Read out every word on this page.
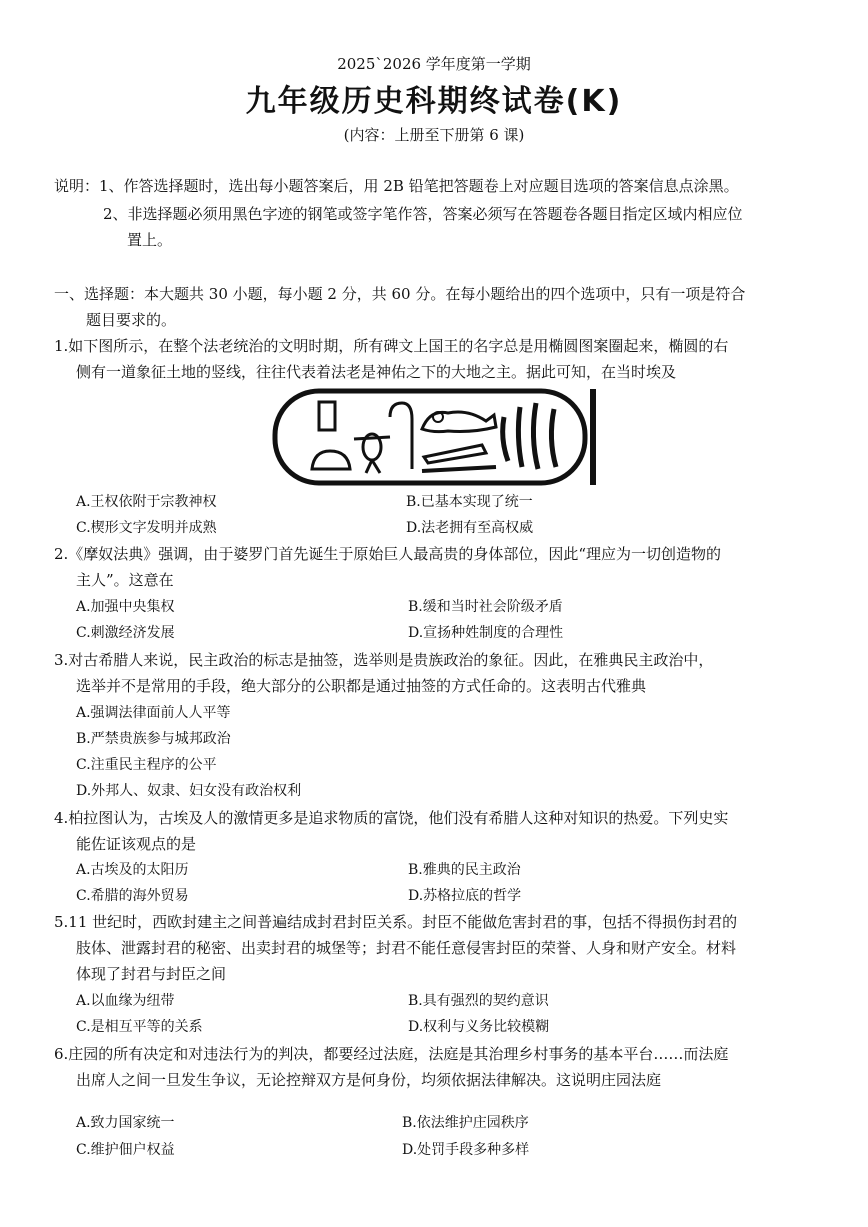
2025`2026 学年度第一学期
九年级历史科期终试卷(K)
(内容：上册至下册第 6 课)
说明：1、作答选择题时，选出每小题答案后，用 2B 铅笔把答题卷上对应题目选项的答案信息点涂黑。
2、非选择题必须用黑色字迹的钢笔或签字笔作答，答案必须写在答题卷各题目指定区域内相应位
置上。
一、选择题：本大题共 30 小题，每小题 2 分，共 60 分。在每小题给出的四个选项中，只有一项是符合
题目要求的。
1.如下图所示，在整个法老统治的文明时期，所有碑文上国王的名字总是用椭圆图案圈起来，椭圆的右
侧有一道象征土地的竖线，往往代表着法老是神佑之下的大地之主。据此可知，在当时埃及
A.王权依附于宗教神权	B.已基本实现了统一
C.楔形文字发明并成熟	D.法老拥有至高权威
2.《摩奴法典》强调，由于婆罗门首先诞生于原始巨人最高贵的身体部位，因此“理应为一切创造物的
主人”。这意在
A.加强中央集权	B.缓和当时社会阶级矛盾
C.刺激经济发展	D.宣扬种姓制度的合理性
3.对古希腊人来说，民主政治的标志是抽签，选举则是贵族政治的象征。因此，在雅典民主政治中，
选举并不是常用的手段，绝大部分的公职都是通过抽签的方式任命的。这表明古代雅典
A.强调法律面前人人平等
B.严禁贵族参与城邦政治
C.注重民主程序的公平
D.外邦人、奴隶、妇女没有政治权利
4.柏拉图认为，古埃及人的激情更多是追求物质的富饶，他们没有希腊人这种对知识的热爱。下列史实
能佐证该观点的是
A.古埃及的太阳历	B.雅典的民主政治
C.希腊的海外贸易	D.苏格拉底的哲学
5.11 世纪时，西欧封建主之间普遍结成封君封臣关系。封臣不能做危害封君的事，包括不得损伤封君的
肢体、泄露封君的秘密、出卖封君的城堡等；封君不能任意侵害封臣的荣誉、人身和财产安全。材料
体现了封君与封臣之间
A.以血缘为纽带	B.具有强烈的契约意识
C.是相互平等的关系	D.权利与义务比较模糊
6.庄园的所有决定和对违法行为的判决，都要经过法庭，法庭是其治理乡村事务的基本平台……而法庭
出席人之间一旦发生争议，无论控辩双方是何身份，均须依据法律解决。这说明庄园法庭
A.致力国家统一	B.依法维护庄园秩序
C.维护佃户权益	D.处罚手段多种多样
